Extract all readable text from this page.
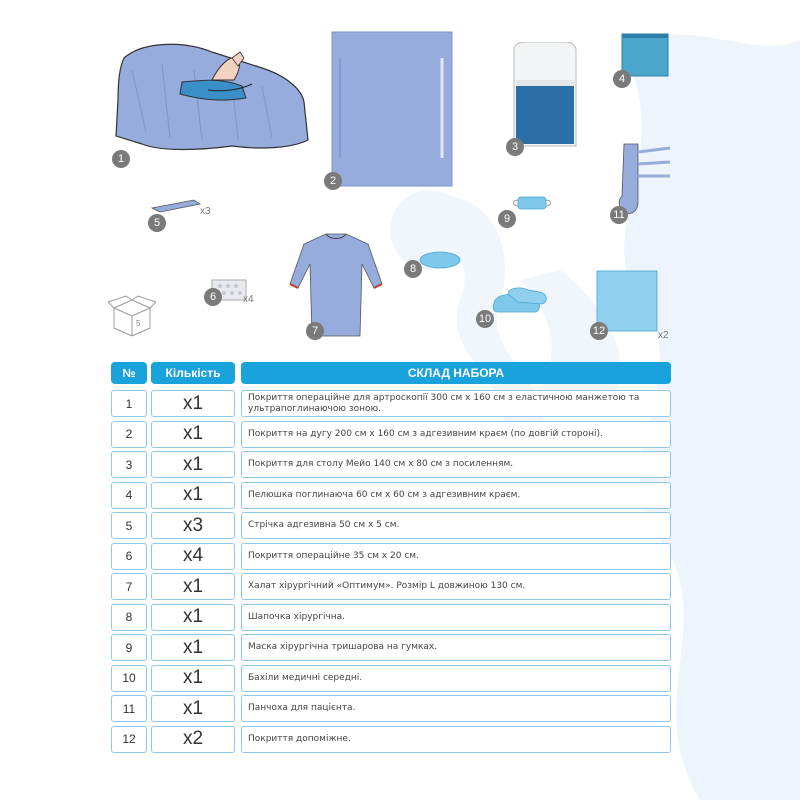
5
1
2
3
4
5
6
7
8
9
10
11
12
x3
x4
x2
№	Кількість	СКЛАД НАБОРА
1	x1	Покриття операційне для артроскопії 300 см х 160 см з еластичною манжетою та ультрапоглинаючою зоною.
2	x1	Покриття на дугу 200 см х 160 см з адгезивним краєм (по довгій стороні).
3	x1	Покриття для столу Мейо 140 см х 80 см з посиленням.
4	x1	Пелюшка поглинаюча 60 см х 60 см з адгезивним краєм.
5	x3	Стрічка адгезивна 50 см х 5 см.
6	x4	Покриття операційне 35 см х 20 см.
7	x1	Халат хірургічний «Оптимум». Розмір L довжиною 130 см.
8	x1	Шапочка хірургічна.
9	x1	Маска хірургічна тришарова на гумках.
10	x1	Бахіли медичні середні.
11	x1	Панчоха для пацієнта.
12	x2	Покриття допоміжне.
